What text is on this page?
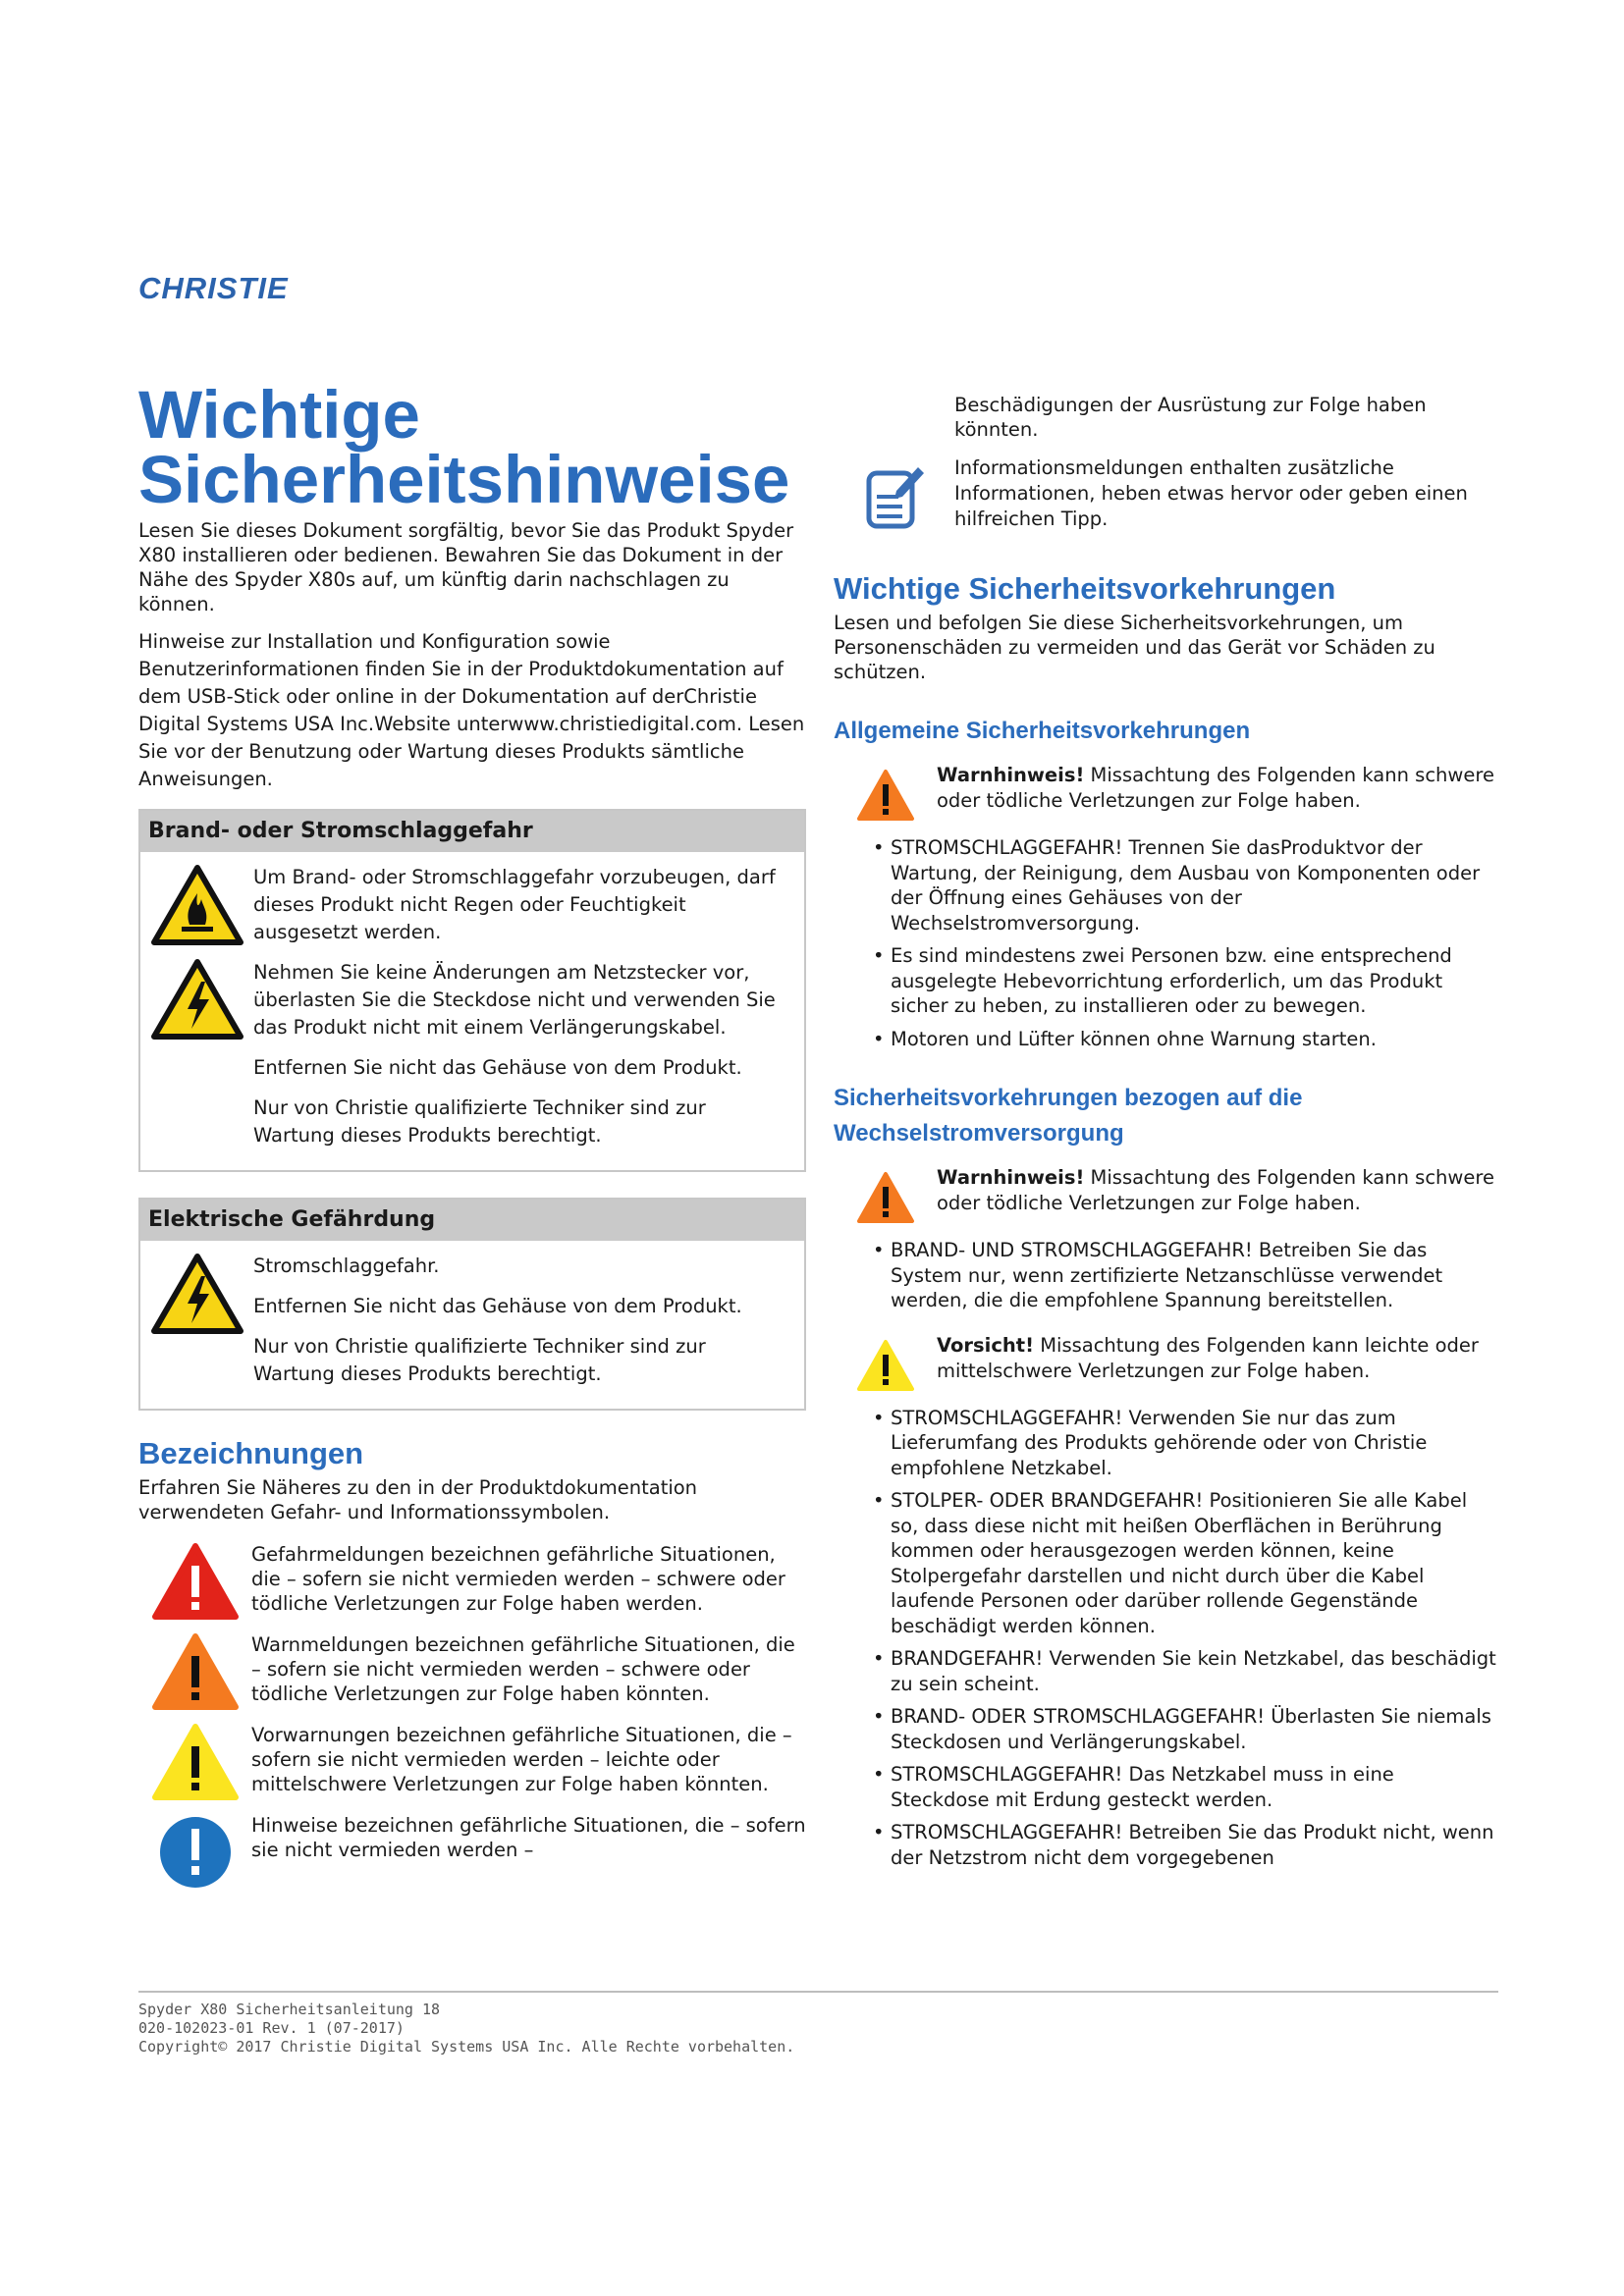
CHRISTIE
Wichtige Sicherheitshinweise

Lesen Sie dieses Dokument sorgfältig, bevor Sie das Produkt Spyder X80 installieren oder bedienen. Bewahren Sie das Dokument in der Nähe des Spyder X80s auf, um künftig darin nachschlagen zu können.

Hinweise zur Installation und Konfiguration sowie Benutzerinformationen finden Sie in der Produktdokumentation auf dem USB-Stick oder online in der Dokumentation auf derChristie Digital Systems USA Inc.Website unterwww.christiedigital.com. Lesen Sie vor der Benutzung oder Wartung dieses Produkts sämtliche Anweisungen.

Brand- oder Stromschlaggefahr

Um Brand- oder Stromschlaggefahr vorzubeugen, darf dieses Produkt nicht Regen oder Feuchtigkeit ausgesetzt werden.

Nehmen Sie keine Änderungen am Netzstecker vor, überlasten Sie die Steckdose nicht und verwenden Sie das Produkt nicht mit einem Verlängerungskabel.

Entfernen Sie nicht das Gehäuse von dem Produkt.

Nur von Christie qualifizierte Techniker sind zur Wartung dieses Produkts berechtigt.

Elektrische Gefährdung

Stromschlaggefahr.

Entfernen Sie nicht das Gehäuse von dem Produkt.

Nur von Christie qualifizierte Techniker sind zur Wartung dieses Produkts berechtigt.

Bezeichnungen

Erfahren Sie Näheres zu den in der Produktdokumentation verwendeten Gefahr- und Informationssymbolen.

Gefahrmeldungen bezeichnen gefährliche Situationen, die – sofern sie nicht vermieden werden – schwere oder tödliche Verletzungen zur Folge haben werden.
Warnmeldungen bezeichnen gefährliche Situationen, die – sofern sie nicht vermieden werden – schwere oder tödliche Verletzungen zur Folge haben könnten.
Vorwarnungen bezeichnen gefährliche Situationen, die – sofern sie nicht vermieden werden – leichte oder mittelschwere Verletzungen zur Folge haben könnten.
Hinweise bezeichnen gefährliche Situationen, die – sofern sie nicht vermieden werden –
Beschädigungen der Ausrüstung zur Folge haben könnten.
Informationsmeldungen enthalten zusätzliche Informationen, heben etwas hervor oder geben einen hilfreichen Tipp.
Wichtige Sicherheitsvorkehrungen

Lesen und befolgen Sie diese Sicherheitsvorkehrungen, um Personenschäden zu vermeiden und das Gerät vor Schäden zu schützen.

Allgemeine Sicherheitsvorkehrungen
Warnhinweis! Missachtung des Folgenden kann schwere oder tödliche Verletzungen zur Folge haben.
• STROMSCHLAGGEFAHR! Trennen Sie dasProduktvor der Wartung, der Reinigung, dem Ausbau von Komponenten oder der Öffnung eines Gehäuses von der Wechselstromversorgung.
• Es sind mindestens zwei Personen bzw. eine entsprechend ausgelegte Hebevorrichtung erforderlich, um das Produkt sicher zu heben, zu installieren oder zu bewegen.
• Motoren und Lüfter können ohne Warnung starten.
Sicherheitsvorkehrungen bezogen auf die Wechselstromversorgung
Warnhinweis! Missachtung des Folgenden kann schwere oder tödliche Verletzungen zur Folge haben.
• BRAND- UND STROMSCHLAGGEFAHR! Betreiben Sie das System nur, wenn zertifizierte Netzanschlüsse verwendet werden, die die empfohlene Spannung bereitstellen.
Vorsicht! Missachtung des Folgenden kann leichte oder mittelschwere Verletzungen zur Folge haben.
• STROMSCHLAGGEFAHR! Verwenden Sie nur das zum Lieferumfang des Produkts gehörende oder von Christie empfohlene Netzkabel.
• STOLPER- ODER BRANDGEFAHR! Positionieren Sie alle Kabel so, dass diese nicht mit heißen Oberflächen in Berührung kommen oder herausgezogen werden können, keine Stolpergefahr darstellen und nicht durch über die Kabel laufende Personen oder darüber rollende Gegenstände beschädigt werden können.
• BRANDGEFAHR! Verwenden Sie kein Netzkabel, das beschädigt zu sein scheint.
• BRAND- ODER STROMSCHLAGGEFAHR! Überlasten Sie niemals Steckdosen und Verlängerungskabel.
• STROMSCHLAGGEFAHR! Das Netzkabel muss in eine Steckdose mit Erdung gesteckt werden.
• STROMSCHLAGGEFAHR! Betreiben Sie das Produkt nicht, wenn der Netzstrom nicht dem vorgegebenen
Spyder X80 Sicherheitsanleitung 18
020-102023-01 Rev. 1 (07-2017)
Copyright© 2017 Christie Digital Systems USA Inc. Alle Rechte vorbehalten.
